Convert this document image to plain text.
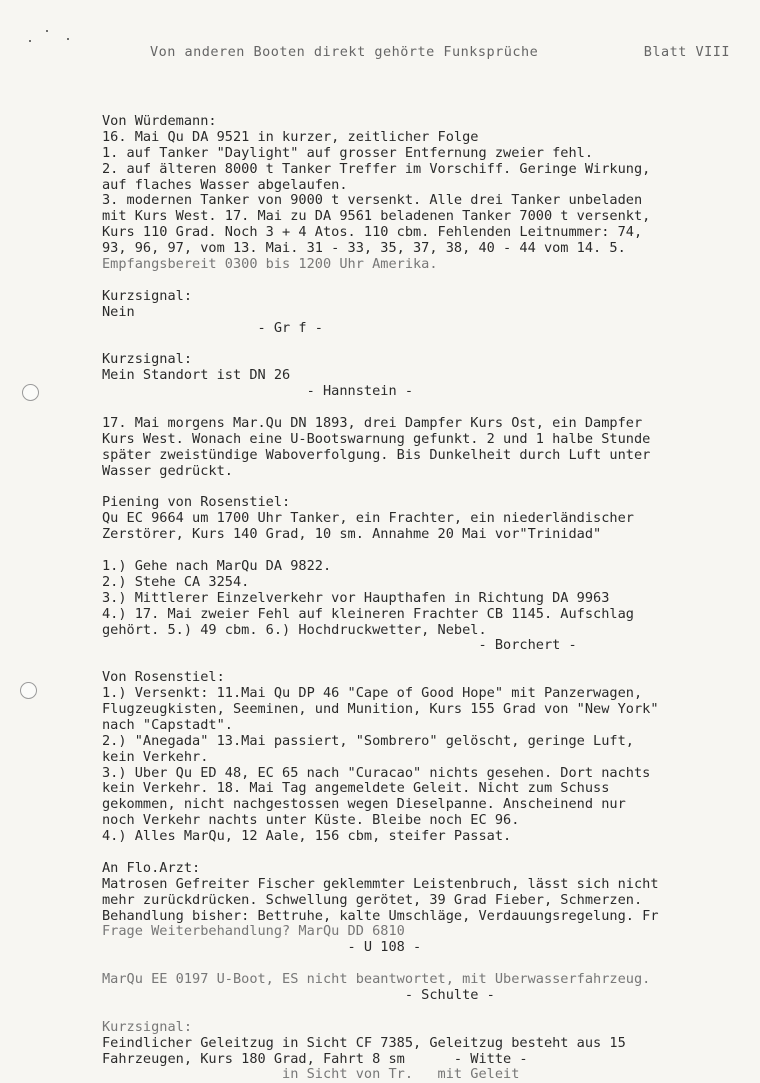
Von anderen Booten direkt gehörte Funksprüche	Blatt VIII
Von Würdemann:
16. Mai Qu DA 9521 in kurzer, zeitlicher Folge
1. auf Tanker "Daylight" auf grosser Entfernung zweier fehl.
2. auf älteren 8000 t Tanker Treffer im Vorschiff. Geringe Wirkung,
auf flaches Wasser abgelaufen.
3. modernen Tanker von 9000 t versenkt. Alle drei Tanker unbeladen
mit Kurs West. 17. Mai zu DA 9561 beladenen Tanker 7000 t versenkt,
Kurs 110 Grad. Noch 3 + 4 Atos. 110 cbm. Fehlenden Leitnummer: 74,
93, 96, 97, vom 13. Mai. 31 - 33, 35, 37, 38, 40 - 44 vom 14. 5.
Empfangsbereit 0300 bis 1200 Uhr Amerika.
Kurzsignal:
Nein
- Gr f -
Kurzsignal:
Mein Standort ist DN 26
- Hannstein -
17. Mai morgens Mar.Qu DN 1893, drei Dampfer Kurs Ost, ein Dampfer
Kurs West. Wonach eine U-Bootswarnung gefunkt. 2 und 1 halbe Stunde
später zweistündige Waboverfolgung. Bis Dunkelheit durch Luft unter
Wasser gedrückt.
Piening von Rosenstiel:
Qu EC 9664 um 1700 Uhr Tanker, ein Frachter, ein niederländischer
Zerstörer, Kurs 140 Grad, 10 sm. Annahme 20 Mai vor"Trinidad"
1.) Gehe nach MarQu DA 9822.
2.) Stehe CA 3254.
3.) Mittlerer Einzelverkehr vor Haupthafen in Richtung DA 9963
4.) 17. Mai zweier Fehl auf kleineren Frachter CB 1145. Aufschlag
gehört. 5.) 49 cbm. 6.) Hochdruckwetter, Nebel.
- Borchert -
Von Rosenstiel:
1.) Versenkt: 11.Mai Qu DP 46 "Cape of Good Hope" mit Panzerwagen,
Flugzeugkisten, Seeminen, und Munition, Kurs 155 Grad von "New York"
nach "Capstadt".
2.) "Anegada" 13.Mai passiert, "Sombrero" gelöscht, geringe Luft,
kein Verkehr.
3.) Über Qu ED 48, EC 65 nach "Curacao" nichts gesehen. Dort nachts
kein Verkehr. 18. Mai Tag angemeldete Geleit. Nicht zum Schuss
gekommen, nicht nachgestossen wegen Dieselpanne. Anscheinend nur
noch Verkehr nachts unter Küste. Bleibe noch EC 96.
4.) Alles MarQu, 12 Aale, 156 cbm, steifer Passat.
An Flo.Arzt:
Matrosen Gefreiter Fischer geklemmter Leistenbruch, lässt sich nicht
mehr zurückdrücken. Schwellung gerötet, 39 Grad Fieber, Schmerzen.
Behandlung bisher: Bettruhe, kalte Umschläge, Verdauungsregelung. Fr
Frage Weiterbehandlung? MarQu DD 6810
- U 108 -
MarQu EE 0197 U-Boot, ES nicht beantwortet, mit Überwasserfahrzeug.
- Schulte -
Kurzsignal:
Feindlicher Geleitzug in Sicht CF 7385, Geleitzug besteht aus 15
Fahrzeugen, Kurs 180 Grad, Fahrt 8 sm      - Witte -
in Sicht von Tr.   mit Geleit
